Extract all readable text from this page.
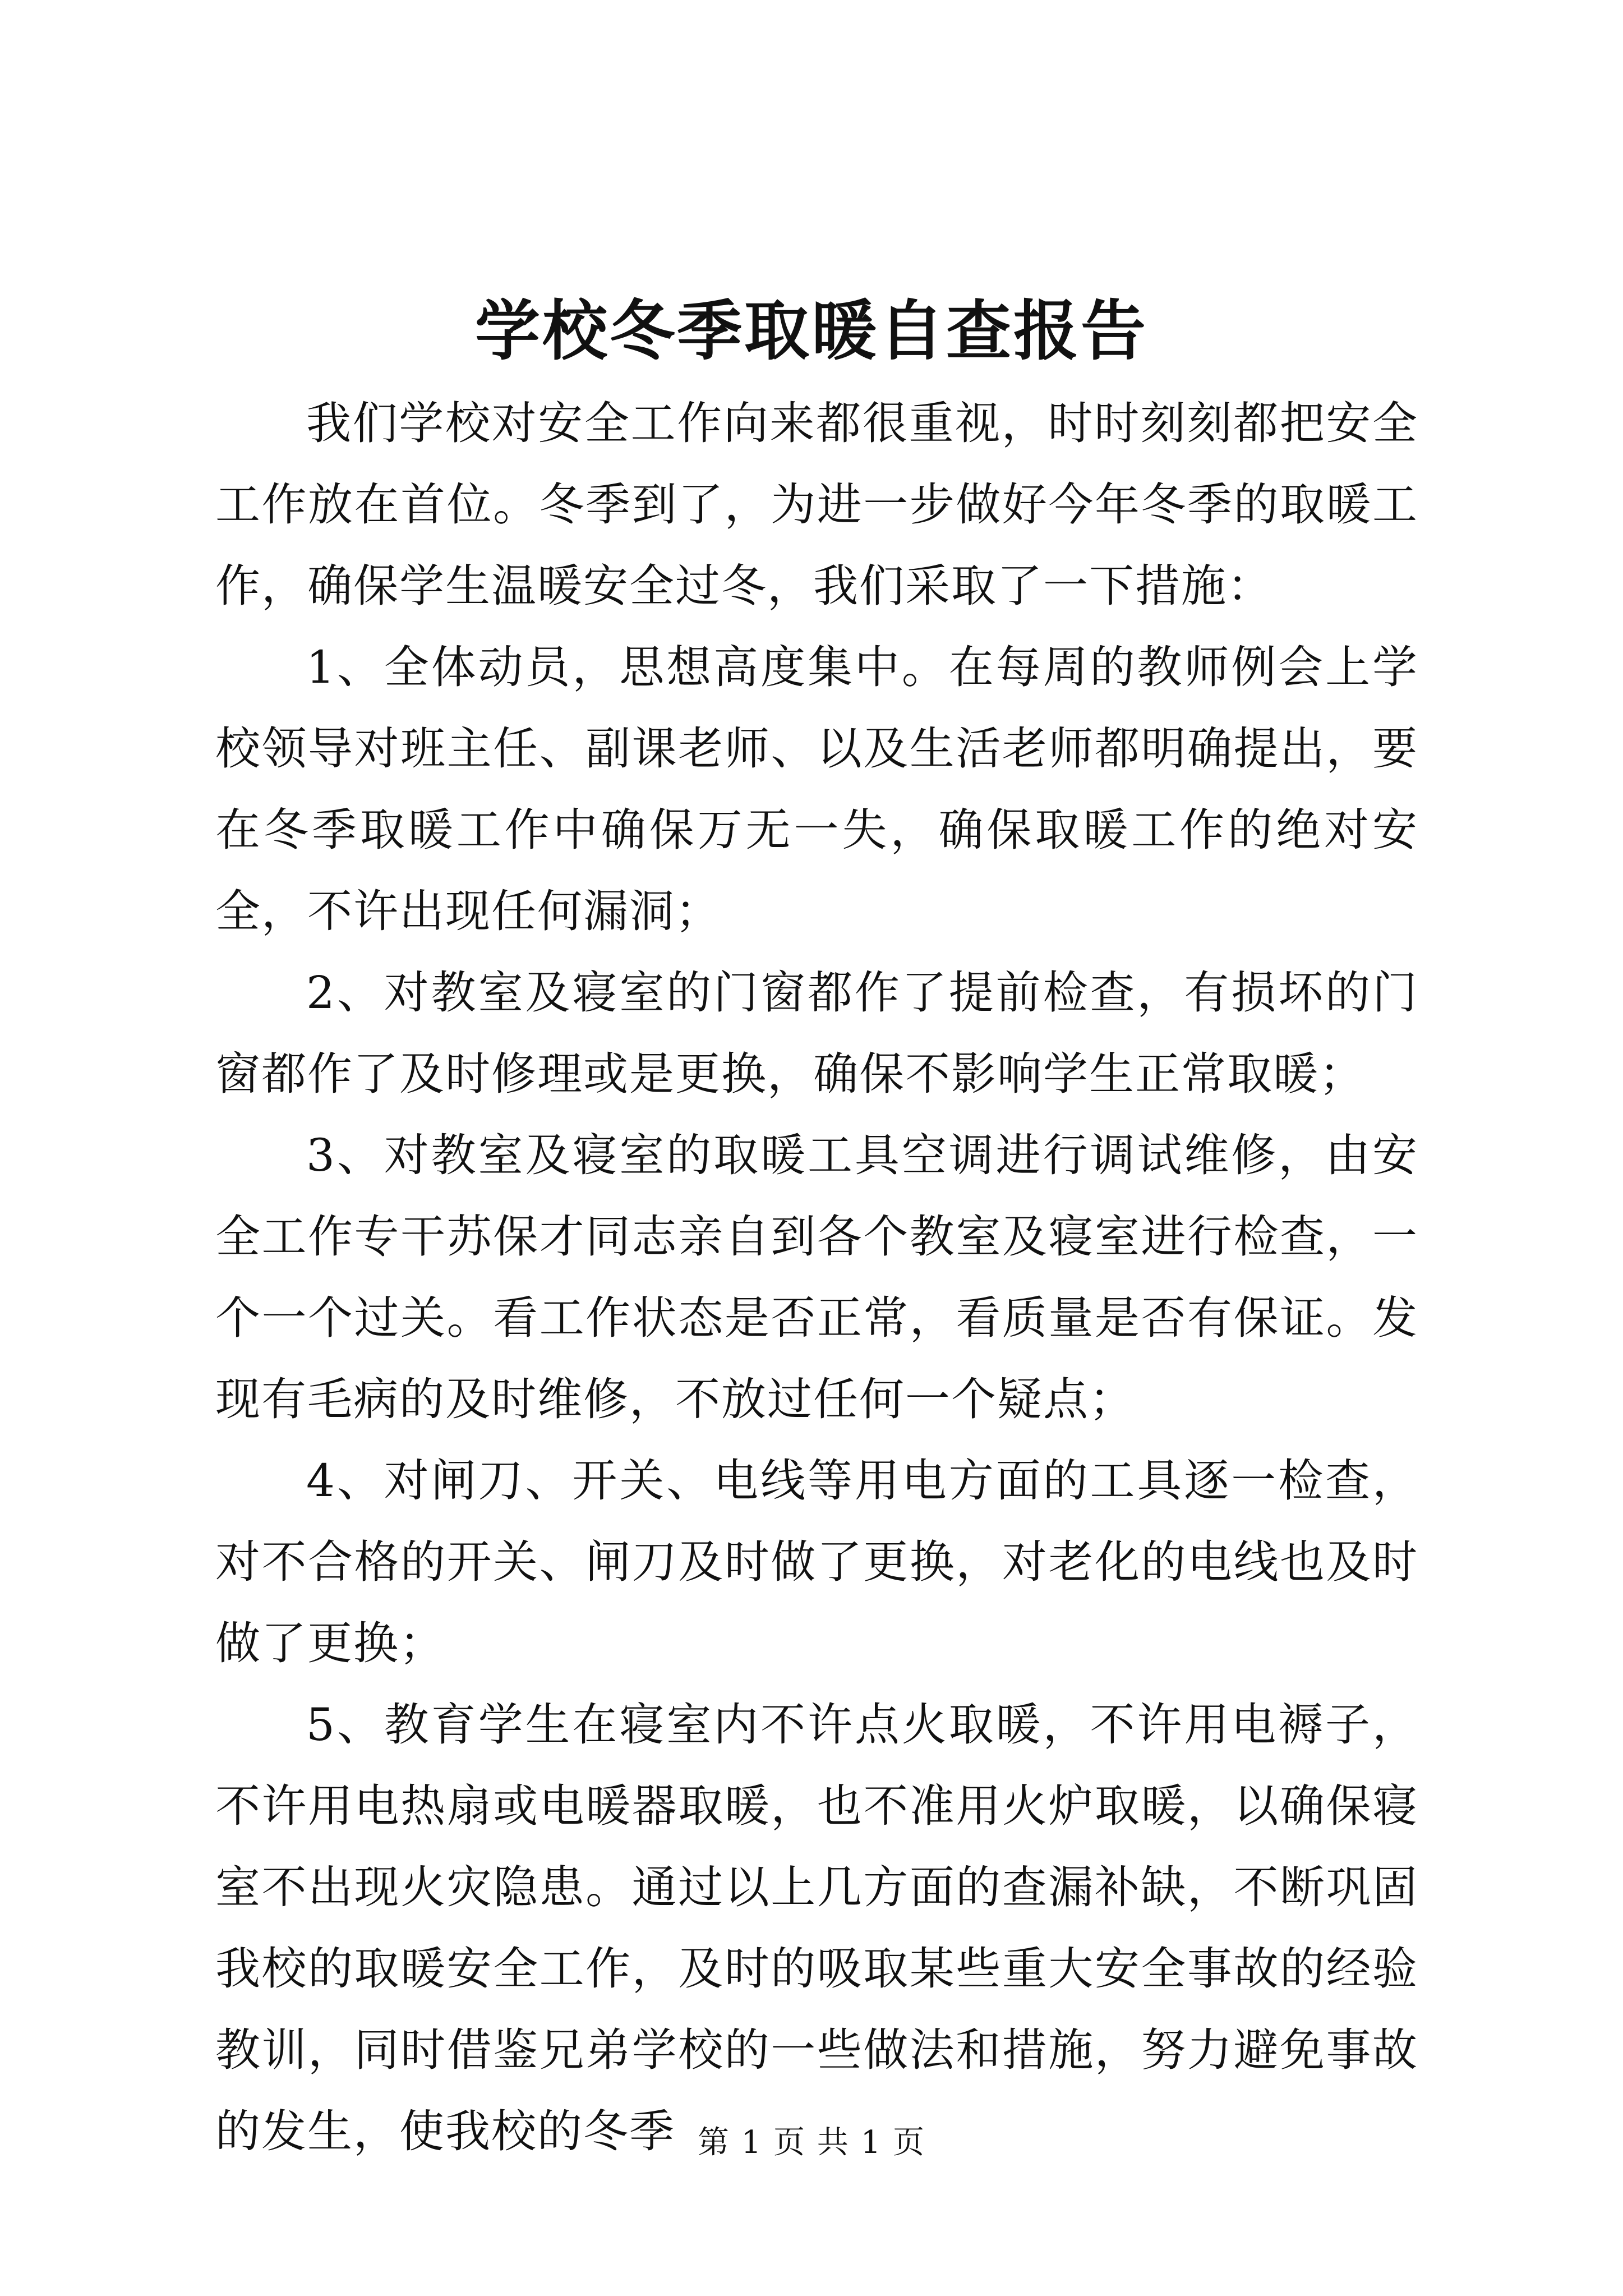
学校冬季取暖自查报告

我们学校对安全工作向来都很重视，时时刻刻都把安全工作放在首位。冬季到了，为进一步做好今年冬季的取暖工作，确保学生温暖安全过冬，我们采取了一下措施：

1、全体动员，思想高度集中。在每周的教师例会上学校领导对班主任、副课老师、以及生活老师都明确提出，要在冬季取暖工作中确保万无一失，确保取暖工作的绝对安全，不许出现任何漏洞；

2、对教室及寝室的门窗都作了提前检查，有损坏的门窗都作了及时修理或是更换，确保不影响学生正常取暖；

3、对教室及寝室的取暖工具空调进行调试维修，由安全工作专干苏保才同志亲自到各个教室及寝室进行检查，一个一个过关。看工作状态是否正常，看质量是否有保证。发现有毛病的及时维修，不放过任何一个疑点；

4、对闸刀、开关、电线等用电方面的工具逐一检查，对不合格的开关、闸刀及时做了更换，对老化的电线也及时做了更换；

5、教育学生在寝室内不许点火取暖，不许用电褥子，不许用电热扇或电暖器取暖，也不准用火炉取暖，以确保寝室不出现火灾隐患。通过以上几方面的查漏补缺，不断巩固我校的取暖安全工作，及时的吸取某些重大安全事故的经验教训，同时借鉴兄弟学校的一些做法和措施，努力避免事故的发生，使我校的冬季 第 1 页 共 1 页
